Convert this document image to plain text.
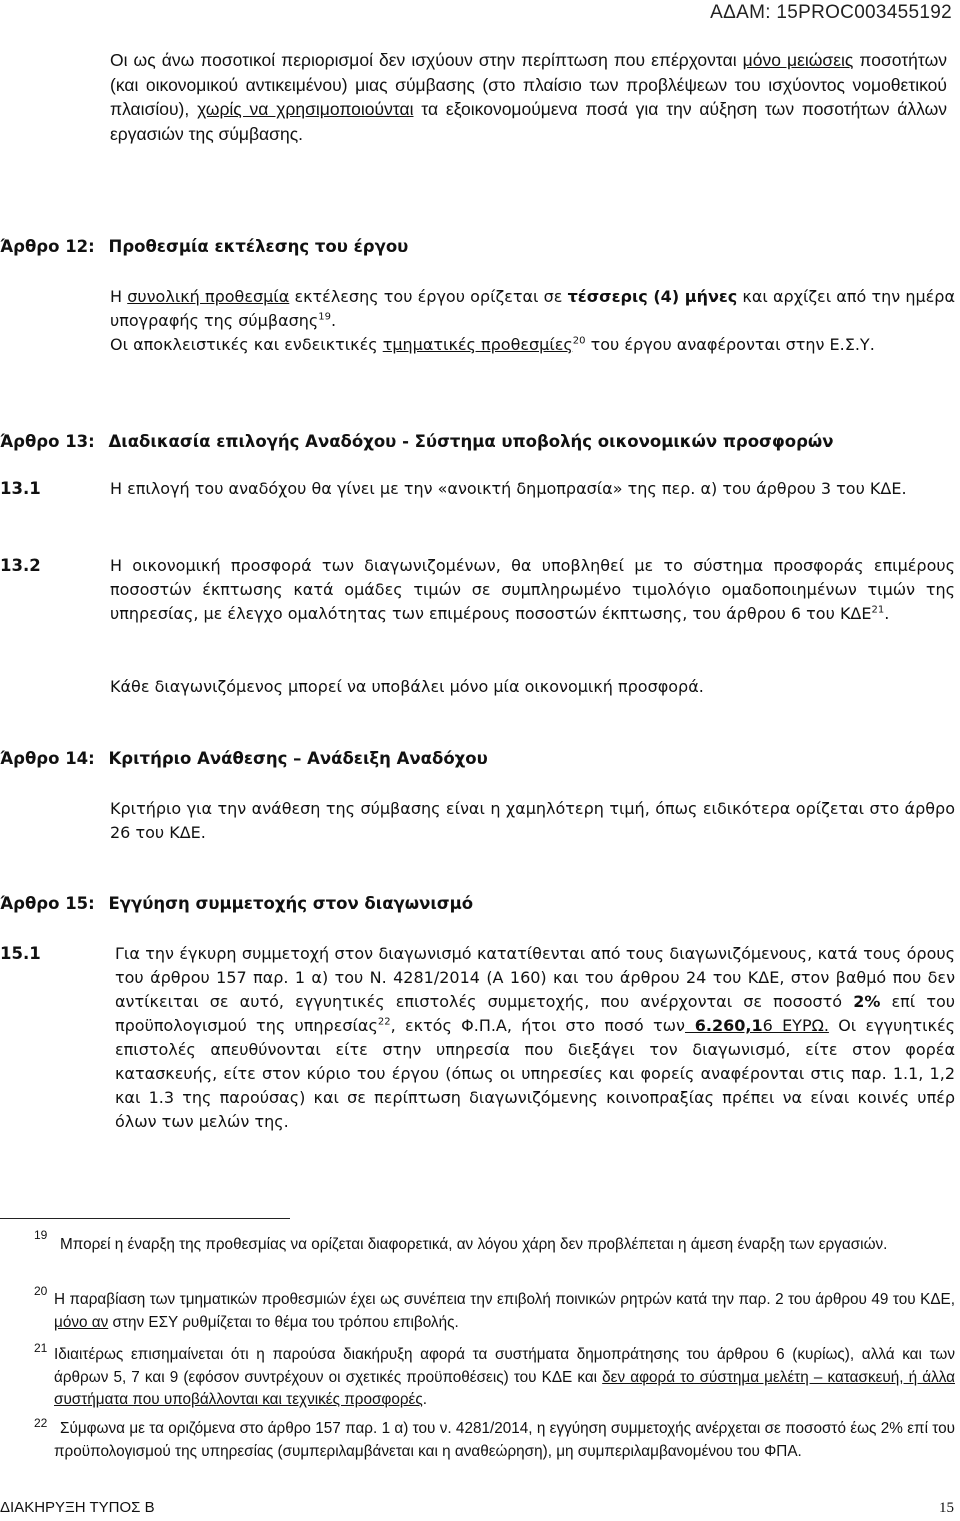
ΑΔΑΜ: 15PROC003455192

Οι ως άνω ποσοτικοί περιορισμοί δεν ισχύουν στην περίπτωση που επέρχονται μόνο μειώσεις ποσοτήτων (και οικονομικού αντικειμένου) μιας σύμβασης (στο πλαίσιο των προβλέψεων του ισχύοντος νομοθετικού πλαισίου), χωρίς να χρησιμοποιούνται τα εξοικονομούμενα ποσά για την αύξηση των ποσοτήτων άλλων εργασιών της σύμβασης.

Άρθρο 12: Προθεσμία εκτέλεσης του έργου

Η συνολική προθεσμία εκτέλεσης του έργου ορίζεται σε τέσσερις (4) μήνες και αρχίζει από την ημέρα υπογραφής της σύμβασης$^{19}$.

Οι αποκλειστικές και ενδεικτικές τμηματικές προθεσμίες$^{20}$ του έργου αναφέρονται στην Ε.Σ.Υ.

Άρθρο 13: Διαδικασία επιλογής Αναδόχου - Σύστημα υποβολής οικονομικών προσφορών
13.1	Η επιλογή του αναδόχου θα γίνει με την «ανοικτή δημοπρασία» της περ. α) του άρθρου 3 του ΚΔΕ.

13.2	Η οικονομική προσφορά των διαγωνιζομένων, θα υποβληθεί με το σύστημα προσφοράς επιμέρους ποσοστών έκπτωσης κατά ομάδες τιμών σε συμπληρωμένο τιμολόγιο ομαδοποιημένων τιμών της υπηρεσίας, με έλεγχο ομαλότητας των επιμέρους ποσοστών έκπτωσης, του άρθρου 6 του ΚΔΕ$^{21}$.

Κάθε διαγωνιζόμενος μπορεί να υποβάλει μόνο μία οικονομική προσφορά.

Άρθρο 14: Κριτήριο Ανάθεσης – Ανάδειξη Αναδόχου

Κριτήριο για την ανάθεση της σύμβασης είναι η χαμηλότερη τιμή, όπως ειδικότερα ορίζεται στο άρθρο 26 του ΚΔΕ.

Άρθρο 15: Εγγύηση συμμετοχής στον διαγωνισμό
15.1	Για την έγκυρη συμμετοχή στον διαγωνισμό κατατίθενται από τους διαγωνιζόμενους, κατά τους όρους του άρθρου 157 παρ. 1 α) του Ν. 4281/2014 (Α 160) και του άρθρου 24 του ΚΔΕ, στον βαθμό που δεν αντίκειται σε αυτό, εγγυητικές επιστολές συμμετοχής, που ανέρχονται σε ποσοστό 2% επί του προϋπολογισμού της υπηρεσίας$^{22}$, εκτός Φ.Π.Α, ήτοι στο ποσό των 6.260,16 ΕΥΡΩ. Οι εγγυητικές επιστολές απευθύνονται είτε στην υπηρεσία που διεξάγει τον διαγωνισμό, είτε στον φορέα κατασκευής, είτε στον κύριο του έργου (όπως οι υπηρεσίες και φορείς αναφέρονται στις παρ. 1.1, 1,2 και 1.3 της παρούσας) και σε περίπτωση διαγωνιζόμενης κοινοπραξίας πρέπει να είναι κοινές υπέρ όλων των μελών της.

19

Μπορεί η έναρξη της προθεσμίας να ορίζεται διαφορετικά, αν λόγου χάρη δεν προβλέπεται η άμεση έναρξη των εργασιών.

20 Η παραβίαση των τμηματικών προθεσμιών έχει ως συνέπεια την επιβολή ποινικών ρητρών κατά την παρ. 2 του άρθρου 49 του ΚΔΕ, μόνο αν στην ΕΣΥ ρυθμίζεται το θέμα του τρόπου επιβολής.

21 Ιδιαιτέρως επισημαίνεται ότι η παρούσα διακήρυξη αφορά τα συστήματα δημοπράτησης του άρθρου 6 (κυρίως), αλλά και των άρθρων 5, 7 και 9 (εφόσον συντρέχουν οι σχετικές προϋποθέσεις) του ΚΔΕ και δεν αφορά το σύστημα μελέτη – κατασκευή, ή άλλα συστήματα που υποβάλλονται και τεχνικές προσφορές.

22 Σύμφωνα με τα οριζόμενα στο άρθρο 157 παρ. 1 α) του ν. 4281/2014, η εγγύηση συμμετοχής ανέρχεται σε ποσοστό έως 2% επί του προϋπολογισμού της υπηρεσίας (συμπεριλαμβάνεται και η αναθεώρηση), μη συμπεριλαμβανομένου του ΦΠΑ.

ΔΙΑΚΗΡΥΞΗ ΤΥΠΟΣ Β	15
